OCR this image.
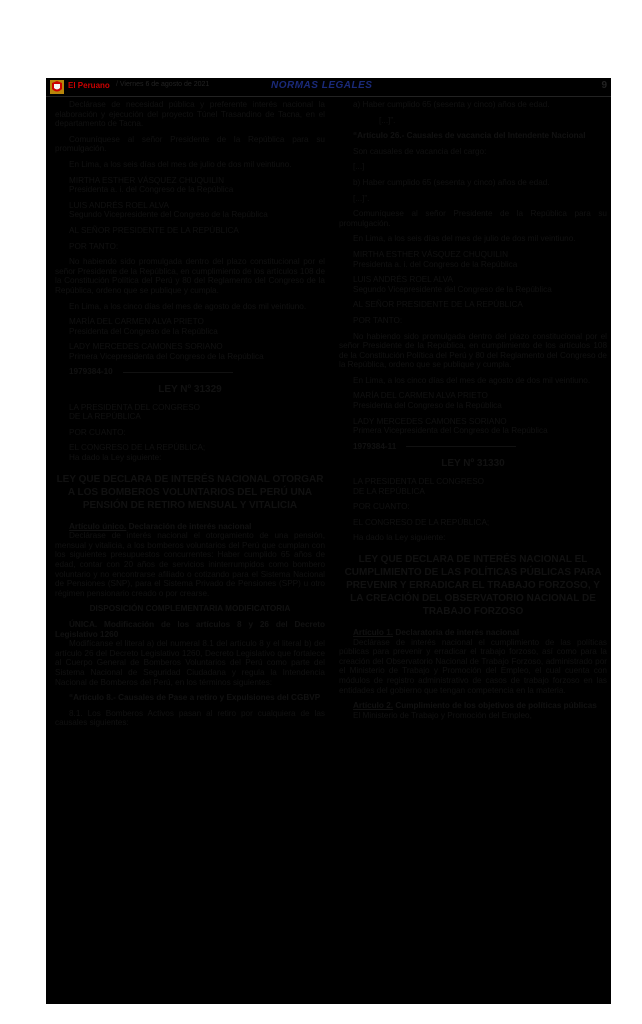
El Peruano / Viernes 6 de agosto de 2021	NORMAS LEGALES	9

Declárase de necesidad pública y preferente interés nacional la elaboración y ejecución del proyecto Túnel Trasandino de Tacna, en el departamento de Tacna.

Comuníquese al señor Presidente de la República para su promulgación.

En Lima, a los seis días del mes de julio de dos mil veintiuno.

MIRTHA ESTHER VÁSQUEZ CHUQUILIN
Presidenta a. i. del Congreso de la República
LUIS ANDRÉS ROEL ALVA
Segundo Vicepresidente del Congreso de la República
AL SEÑOR PRESIDENTE DE LA REPÚBLICA
POR TANTO:

No habiendo sido promulgada dentro del plazo constitucional por el señor Presidente de la República, en cumplimiento de los artículos 108 de la Constitución Política del Perú y 80 del Reglamento del Congreso de la República, ordeno que se publique y cumpla.

En Lima, a los cinco días del mes de agosto de dos mil veintiuno.

MARÍA DEL CARMEN ALVA PRIETO
Presidenta del Congreso de la República
LADY MERCEDES CAMONES SORIANO
Primera Vicepresidenta del Congreso de la República
1979384-10
LEY Nº 31329
LA PRESIDENTA DEL CONGRESO
DE LA REPÚBLICA
POR CUANTO:
EL CONGRESO DE LA REPÚBLICA;
Ha dado la Ley siguiente:
LEY QUE DECLARA DE INTERÉS NACIONAL OTORGAR A LOS BOMBEROS VOLUNTARIOS DEL PERÚ UNA PENSIÓN DE RETIRO MENSUAL Y VITALICIA

Artículo único. Declaración de interés nacional

Declárase de interés nacional el otorgamiento de una pensión, mensual y vitalicia, a los bomberos voluntarios del Perú que cumplan con los siguientes presupuestos concurrentes: Haber cumplido 65 años de edad, contar con 20 años de servicios ininterrumpidos como bombero voluntario y no encontrarse afiliado o cotizando para el Sistema Nacional de Pensiones (SNP), para el Sistema Privado de Pensiones (SPP) u otro régimen pensionario creado o por crearse.

DISPOSICIÓN COMPLEMENTARIA MODIFICATORIA

ÚNICA. Modificación de los artículos 8 y 26 del Decreto Legislativo 1260

Modifícanse el literal a) del numeral 8.1 del artículo 8 y el literal b) del artículo 26 del Decreto Legislativo 1260, Decreto Legislativo que fortalece al Cuerpo General de Bomberos Voluntarios del Perú como parte del Sistema Nacional de Seguridad Ciudadana y regula la Intendencia Nacional de Bomberos del Perú, en los términos siguientes:

“Artículo 8.- Causales de Pase a retiro y Expulsiones del CGBVP

8.1. Los Bomberos Activos pasan al retiro por cualquiera de las causales siguientes:

a) Haber cumplido 65 (sesenta y cinco) años de edad.

[...]”.

“Artículo 26.- Causales de vacancia del Intendente Nacional

Son causales de vacancia del cargo:

[...]

b) Haber cumplido 65 (sesenta y cinco) años de edad.

[...]”.

Comuníquese al señor Presidente de la República para su promulgación.

En Lima, a los seis días del mes de julio de dos mil veintiuno.

MIRTHA ESTHER VÁSQUEZ CHUQUILIN
Presidenta a. i. del Congreso de la República
LUIS ANDRÉS ROEL ALVA
Segundo Vicepresidente del Congreso de la República
AL SEÑOR PRESIDENTE DE LA REPÚBLICA
POR TANTO:

No habiendo sido promulgada dentro del plazo constitucional por el señor Presidente de la República, en cumplimiento de los artículos 108 de la Constitución Política del Perú y 80 del Reglamento del Congreso de la República, ordeno que se publique y cumpla.

En Lima, a los cinco días del mes de agosto de dos mil veintiuno.

MARÍA DEL CARMEN ALVA PRIETO
Presidenta del Congreso de la República
LADY MERCEDES CAMONES SORIANO
Primera Vicepresidenta del Congreso de la República
1979384-11
LEY Nº 31330
LA PRESIDENTA DEL CONGRESO
DE LA REPÚBLICA
POR CUANTO:
EL CONGRESO DE LA REPÚBLICA;
Ha dado la Ley siguiente:
LEY QUE DECLARA DE INTERÉS NACIONAL EL CUMPLIMIENTO DE LAS POLÍTICAS PÚBLICAS PARA PREVENIR Y ERRADICAR EL TRABAJO FORZOSO, Y LA CREACIÓN DEL OBSERVATORIO NACIONAL DE TRABAJO FORZOSO

Artículo 1. Declaratoria de interés nacional

Declárase de interés nacional el cumplimiento de las políticas públicas para prevenir y erradicar el trabajo forzoso, así como para la creación del Observatorio Nacional de Trabajo Forzoso, administrado por el Ministerio de Trabajo y Promoción del Empleo, el cual cuenta con módulos de registro administrativo de casos de trabajo forzoso en las entidades del gobierno que tengan competencia en la materia.

Artículo 2. Cumplimiento de los objetivos de políticas públicas

El Ministerio de Trabajo y Promoción del Empleo,
